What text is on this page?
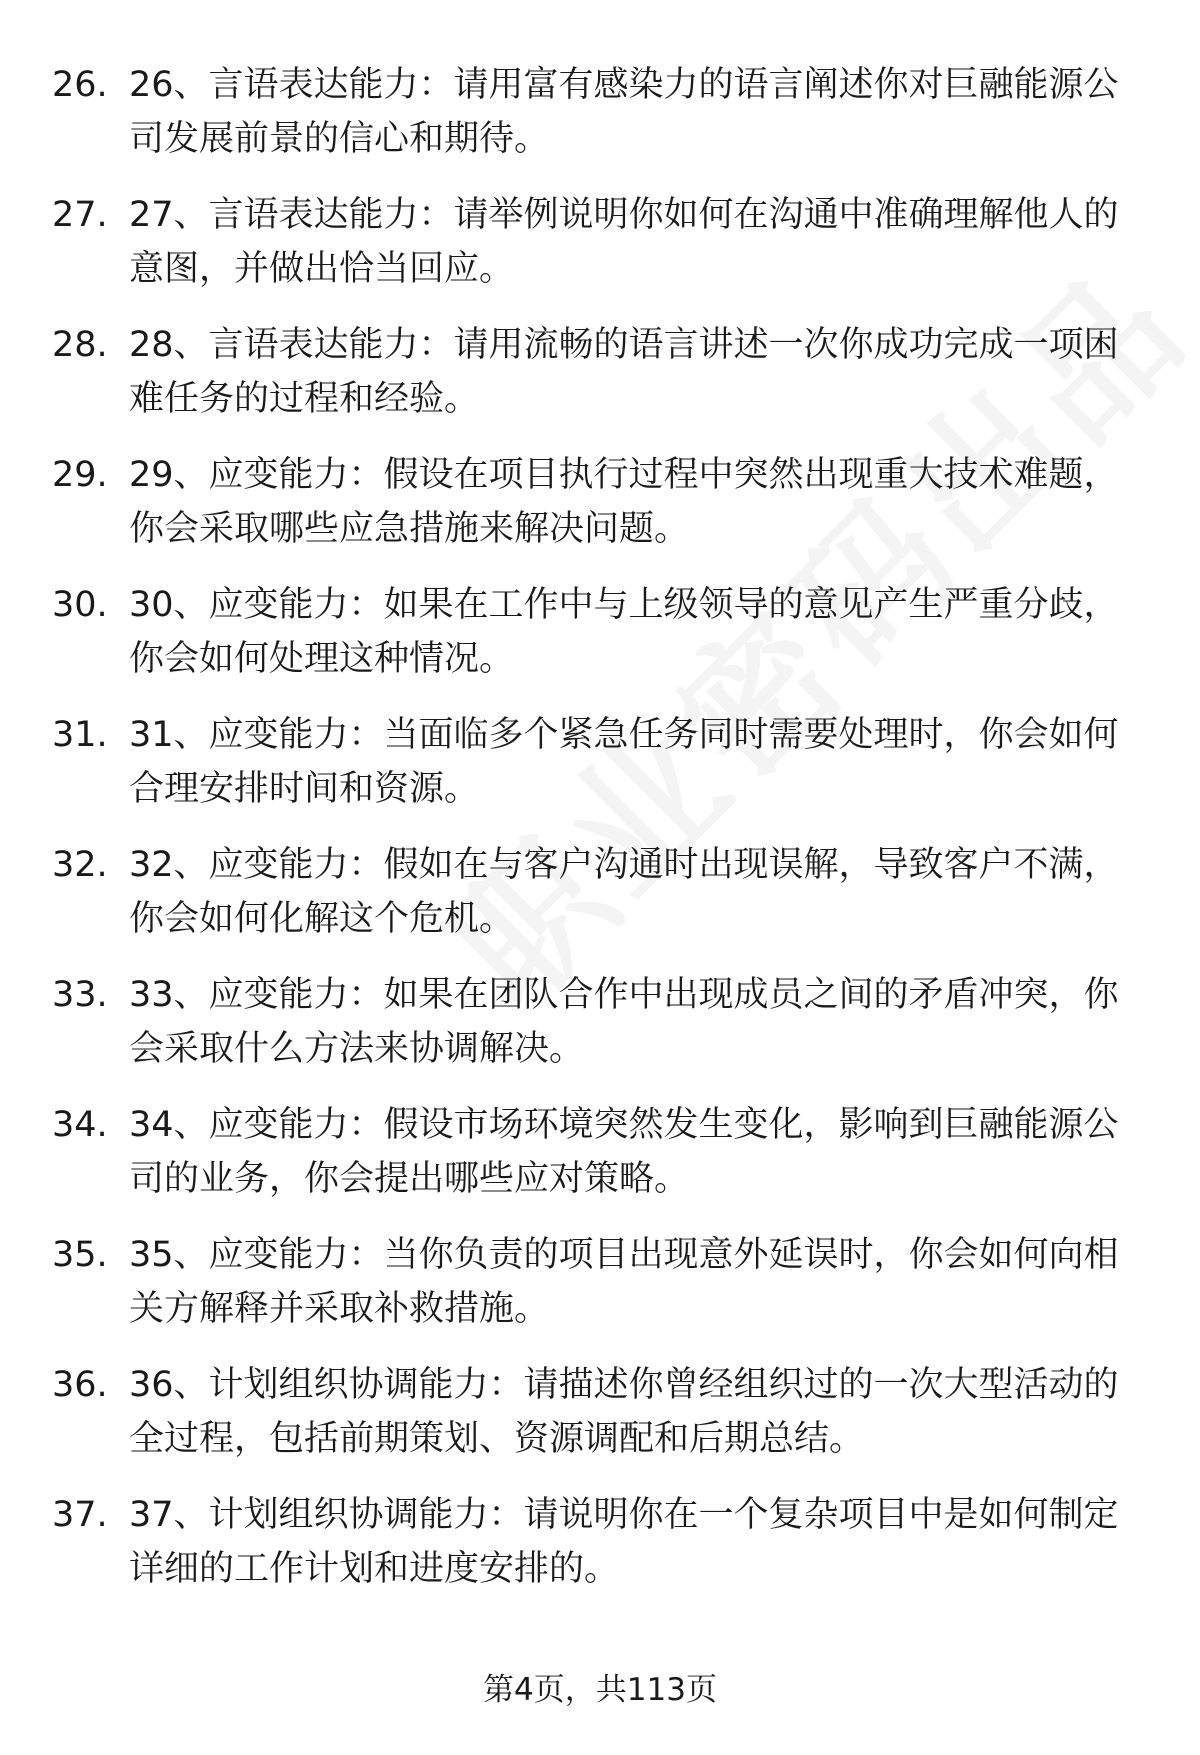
26. 26、言语表达能力：请用富有感染力的语言阐述你对巨融能源公司发展前景的信心和期待。
27. 27、言语表达能力：请举例说明你如何在沟通中准确理解他人的意图，并做出恰当回应。
28. 28、言语表达能力：请用流畅的语言讲述一次你成功完成一项困难任务的过程和经验。
29. 29、应变能力：假设在项目执行过程中突然出现重大技术难题，你会采取哪些应急措施来解决问题。
30. 30、应变能力：如果在工作中与上级领导的意见产生严重分歧，你会如何处理这种情况。
31. 31、应变能力：当面临多个紧急任务同时需要处理时，你会如何合理安排时间和资源。
32. 32、应变能力：假如在与客户沟通时出现误解，导致客户不满，你会如何化解这个危机。
33. 33、应变能力：如果在团队合作中出现成员之间的矛盾冲突，你会采取什么方法来协调解决。
34. 34、应变能力：假设市场环境突然发生变化，影响到巨融能源公司的业务，你会提出哪些应对策略。
35. 35、应变能力：当你负责的项目出现意外延误时，你会如何向相关方解释并采取补救措施。
36. 36、计划组织协调能力：请描述你曾经组织过的一次大型活动的全过程，包括前期策划、资源调配和后期总结。
37. 37、计划组织协调能力：请说明你在一个复杂项目中是如何制定详细的工作计划和进度安排的。
第4页，共113页
